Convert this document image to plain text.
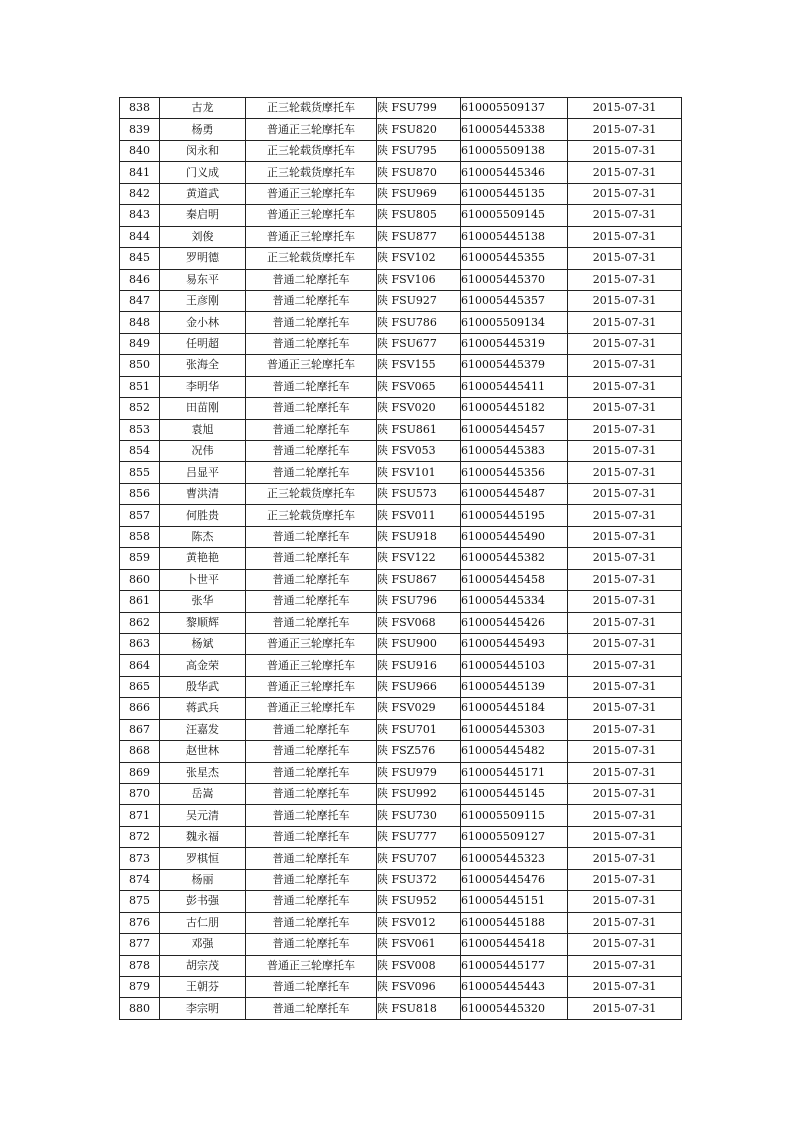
838	古龙	正三轮载货摩托车	陕 FSU799	610005509137	2015-07-31
839	杨勇	普通正三轮摩托车	陕 FSU820	610005445338	2015-07-31
840	闵永和	正三轮载货摩托车	陕 FSU795	610005509138	2015-07-31
841	门义成	正三轮载货摩托车	陕 FSU870	610005445346	2015-07-31
842	黄道武	普通正三轮摩托车	陕 FSU969	610005445135	2015-07-31
843	秦启明	普通正三轮摩托车	陕 FSU805	610005509145	2015-07-31
844	刘俊	普通正三轮摩托车	陕 FSU877	610005445138	2015-07-31
845	罗明德	正三轮载货摩托车	陕 FSV102	610005445355	2015-07-31
846	易东平	普通二轮摩托车	陕 FSV106	610005445370	2015-07-31
847	王彦刚	普通二轮摩托车	陕 FSU927	610005445357	2015-07-31
848	金小林	普通二轮摩托车	陕 FSU786	610005509134	2015-07-31
849	任明超	普通二轮摩托车	陕 FSU677	610005445319	2015-07-31
850	张海全	普通正三轮摩托车	陕 FSV155	610005445379	2015-07-31
851	李明华	普通二轮摩托车	陕 FSV065	610005445411	2015-07-31
852	田苗刚	普通二轮摩托车	陕 FSV020	610005445182	2015-07-31
853	袁旭	普通二轮摩托车	陕 FSU861	610005445457	2015-07-31
854	况伟	普通二轮摩托车	陕 FSV053	610005445383	2015-07-31
855	吕显平	普通二轮摩托车	陕 FSV101	610005445356	2015-07-31
856	曹洪清	正三轮载货摩托车	陕 FSU573	610005445487	2015-07-31
857	何胜贵	正三轮载货摩托车	陕 FSV011	610005445195	2015-07-31
858	陈杰	普通二轮摩托车	陕 FSU918	610005445490	2015-07-31
859	黄艳艳	普通二轮摩托车	陕 FSV122	610005445382	2015-07-31
860	卜世平	普通二轮摩托车	陕 FSU867	610005445458	2015-07-31
861	张华	普通二轮摩托车	陕 FSU796	610005445334	2015-07-31
862	黎顺辉	普通二轮摩托车	陕 FSV068	610005445426	2015-07-31
863	杨斌	普通正三轮摩托车	陕 FSU900	610005445493	2015-07-31
864	高金荣	普通正三轮摩托车	陕 FSU916	610005445103	2015-07-31
865	殷华武	普通正三轮摩托车	陕 FSU966	610005445139	2015-07-31
866	蒋武兵	普通正三轮摩托车	陕 FSV029	610005445184	2015-07-31
867	汪嘉发	普通二轮摩托车	陕 FSU701	610005445303	2015-07-31
868	赵世林	普通二轮摩托车	陕 FSZ576	610005445482	2015-07-31
869	张星杰	普通二轮摩托车	陕 FSU979	610005445171	2015-07-31
870	岳嵩	普通二轮摩托车	陕 FSU992	610005445145	2015-07-31
871	吴元清	普通二轮摩托车	陕 FSU730	610005509115	2015-07-31
872	魏永福	普通二轮摩托车	陕 FSU777	610005509127	2015-07-31
873	罗棋恒	普通二轮摩托车	陕 FSU707	610005445323	2015-07-31
874	杨丽	普通二轮摩托车	陕 FSU372	610005445476	2015-07-31
875	彭书强	普通二轮摩托车	陕 FSU952	610005445151	2015-07-31
876	古仁朋	普通二轮摩托车	陕 FSV012	610005445188	2015-07-31
877	邓强	普通二轮摩托车	陕 FSV061	610005445418	2015-07-31
878	胡宗茂	普通正三轮摩托车	陕 FSV008	610005445177	2015-07-31
879	王朝芬	普通二轮摩托车	陕 FSV096	610005445443	2015-07-31
880	李宗明	普通二轮摩托车	陕 FSU818	610005445320	2015-07-31
